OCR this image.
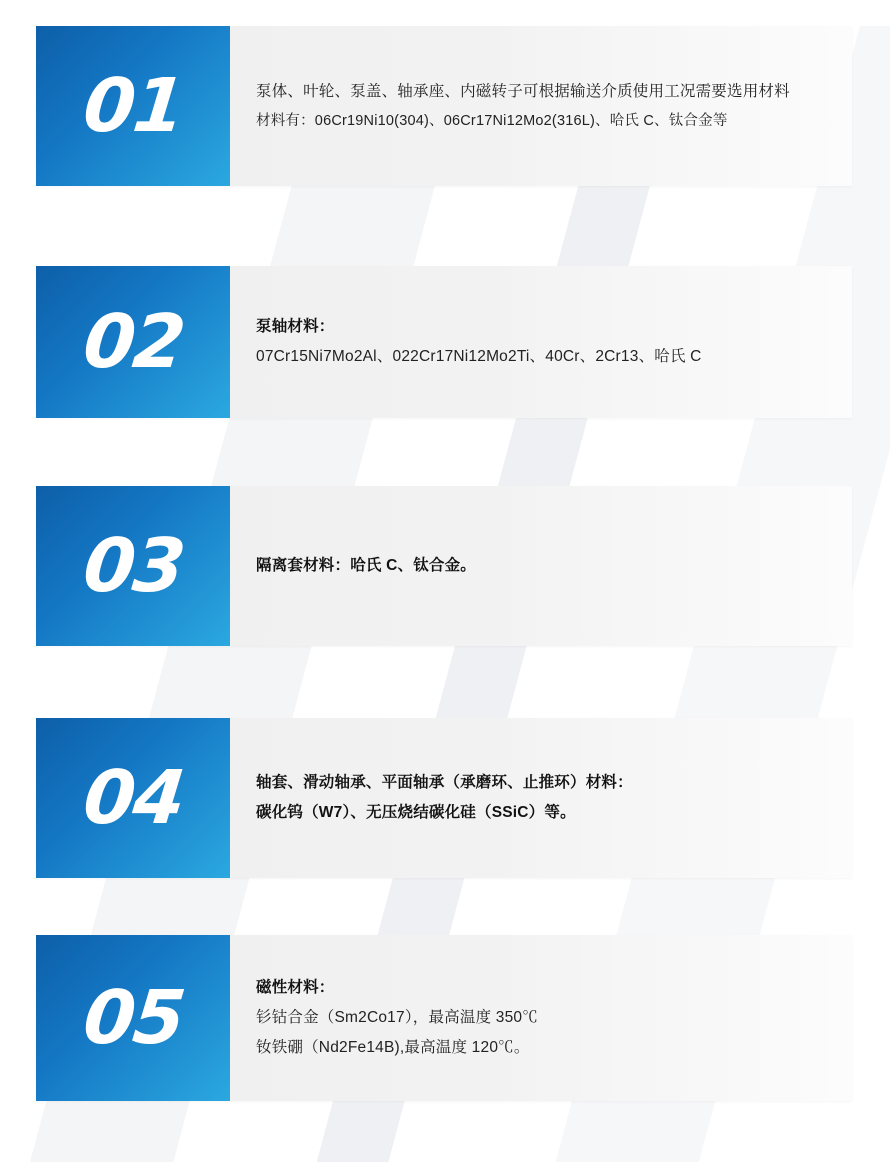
01	泵体、叶轮、泵盖、轴承座、内磁转子可根据输送介质使用工况需要选用材料
材料有：06Cr19Ni10(304)、06Cr17Ni12Mo2(316L)、哈氏 C、钛合金等
02	泵轴材料：
07Cr15Ni7Mo2Al、022Cr17Ni12Mo2Ti、40Cr、2Cr13、哈氏 C
03	隔离套材料：哈氏 C、钛合金。
04	轴套、滑动轴承、平面轴承（承磨环、止推环）材料：
碳化钨（W7）、无压烧结碳化硅（SSiC）等。
05	磁性材料：
钐钴合金（Sm2Co17），最高温度 350℃
钕铁硼（Nd2Fe14B),最高温度 120℃。
